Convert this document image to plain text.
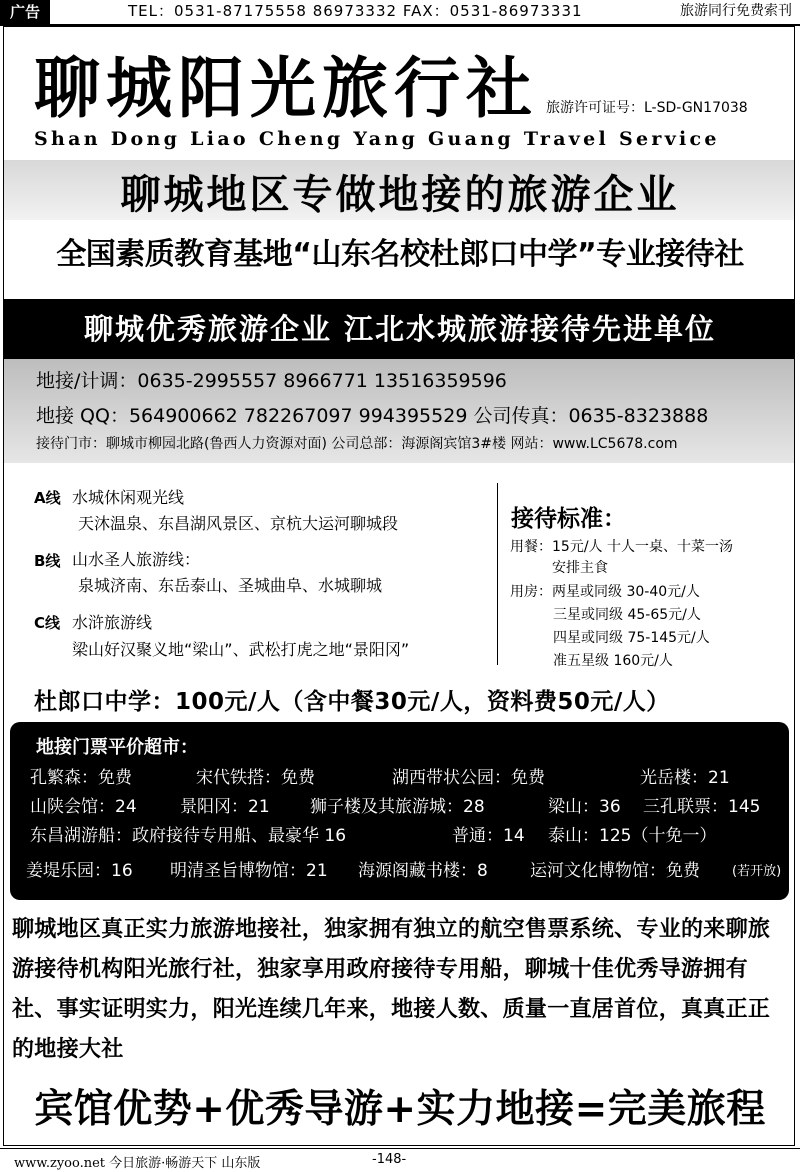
广告	TEL：0531-87175558 86973332 FAX：0531-86973331	旅游同行免费索刊
聊城阳光旅行社 旅游许可证号：L-SD-GN17038
Shan Dong Liao Cheng Yang Guang Travel Service
聊城地区专做地接的旅游企业
全国素质教育基地“山东名校杜郎口中学”专业接待社
聊城优秀旅游企业 江北水城旅游接待先进单位
地接/计调：0635-2995557 8966771 13516359596
地接 QQ：564900662 782267097 994395529 公司传真：0635-8323888
接待门市：聊城市柳园北路(鲁西人力资源对面) 公司总部：海源阁宾馆3#楼 网站：www.LC5678.com
A线 水城休闲观光线
天沐温泉、东昌湖风景区、京杭大运河聊城段
B线 山水圣人旅游线：
泉城济南、东岳泰山、圣城曲阜、水城聊城
C线 水浒旅游线
梁山好汉聚义地“梁山”、武松打虎之地“景阳冈”
接待标准：
用餐：15元/人 十人一桌、十菜一汤
安排主食
用房：两星或同级 30-40元/人
三星或同级 45-65元/人
四星或同级 75-145元/人
准五星级 160元/人
杜郎口中学：100元/人（含中餐30元/人，资料费50元/人）
地接门票平价超市：
孔繁森：免费	宋代铁搭：免费	湖西带状公园：免费	光岳楼：21
山陕会馆：24	景阳冈：21 狮子楼及其旅游城：28	梁山：36 三孔联票：145
东昌湖游船：政府接待专用船、最豪华 16	普通：14 泰山：125（十免一）
姜堤乐园：16 明清圣旨博物馆：21 海源阁藏书楼：8 运河文化博物馆：免费 (若开放)
聊城地区真正实力旅游地接社，独家拥有独立的航空售票系统、专业的来聊旅游接待机构阳光旅行社，独家享用政府接待专用船，聊城十佳优秀导游拥有社、事实证明实力，阳光连续几年来，地接人数、质量一直居首位，真真正正的地接大社
宾馆优势+优秀导游+实力地接=完美旅程
www.zyoo.net 今日旅游·畅游天下 山东版	-148-
